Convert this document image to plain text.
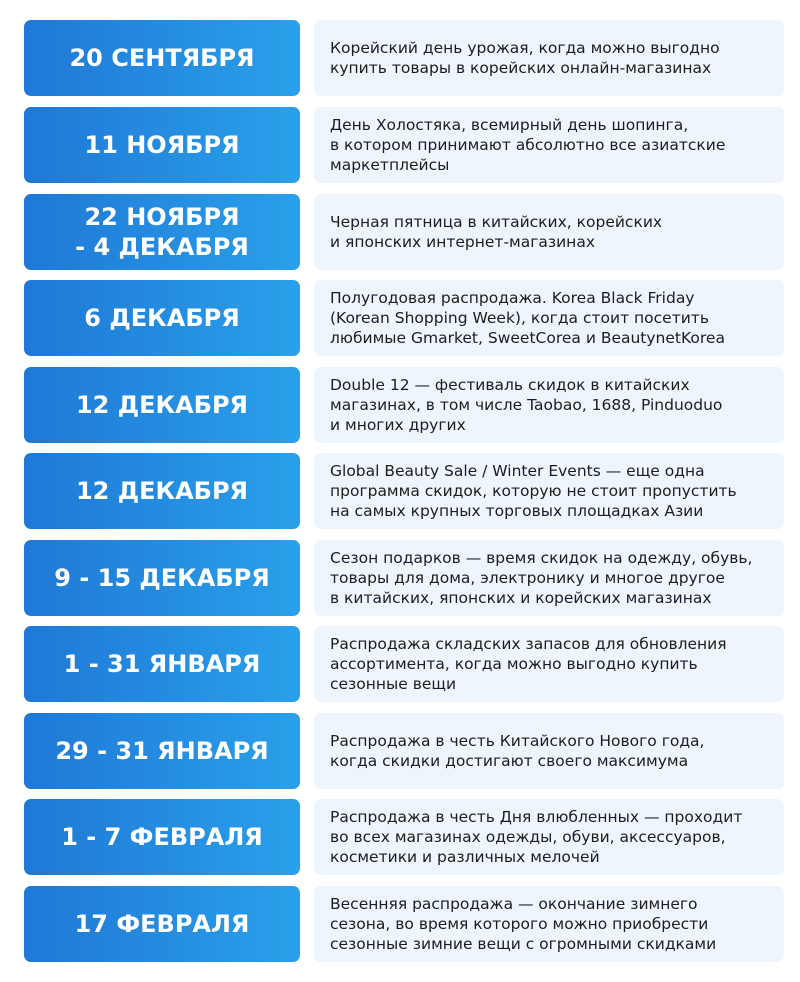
20 СЕНТЯБРЯ	Корейский день урожая, когда можно выгодно
купить товары в корейских онлайн-магазинах
11 НОЯБРЯ
День Холостяка, всемирный день шопинга,
в котором принимают абсолютно все азиатские
маркетплейсы
22 НОЯБРЯ
- 4 ДЕКАБРЯ
Черная пятница в китайских, корейских
и японских интернет-магазинах
6 ДЕКАБРЯ
Полугодовая распродажа. Korea Black Friday
(Korean Shopping Week), когда стоит посетить
любимые Gmarket, SweetCorea и BeautynetKorea
12 ДЕКАБРЯ
Double 12 — фестиваль скидок в китайских
магазинах, в том числе Taobao, 1688, Pinduoduo
и многих других
12 ДЕКАБРЯ
Global Beauty Sale / Winter Events — еще одна
программа скидок, которую не стоит пропустить
на самых крупных торговых площадках Азии
9 - 15 ДЕКАБРЯ
Сезон подарков — время скидок на одежду, обувь,
товары для дома, электронику и многое другое
в китайских, японских и корейских магазинах
1 - 31 ЯНВАРЯ
Распродажа складских запасов для обновления
ассортимента, когда можно выгодно купить
сезонные вещи
29 - 31 ЯНВАРЯ	Распродажа в честь Китайского Нового года,
когда скидки достигают своего максимума
1 - 7 ФЕВРАЛЯ
Распродажа в честь Дня влюбленных — проходит
во всех магазинах одежды, обуви, аксессуаров,
косметики и различных мелочей
17 ФЕВРАЛЯ
Весенняя распродажа — окончание зимнего
сезона, во время которого можно приобрести
сезонные зимние вещи с огромными скидками
